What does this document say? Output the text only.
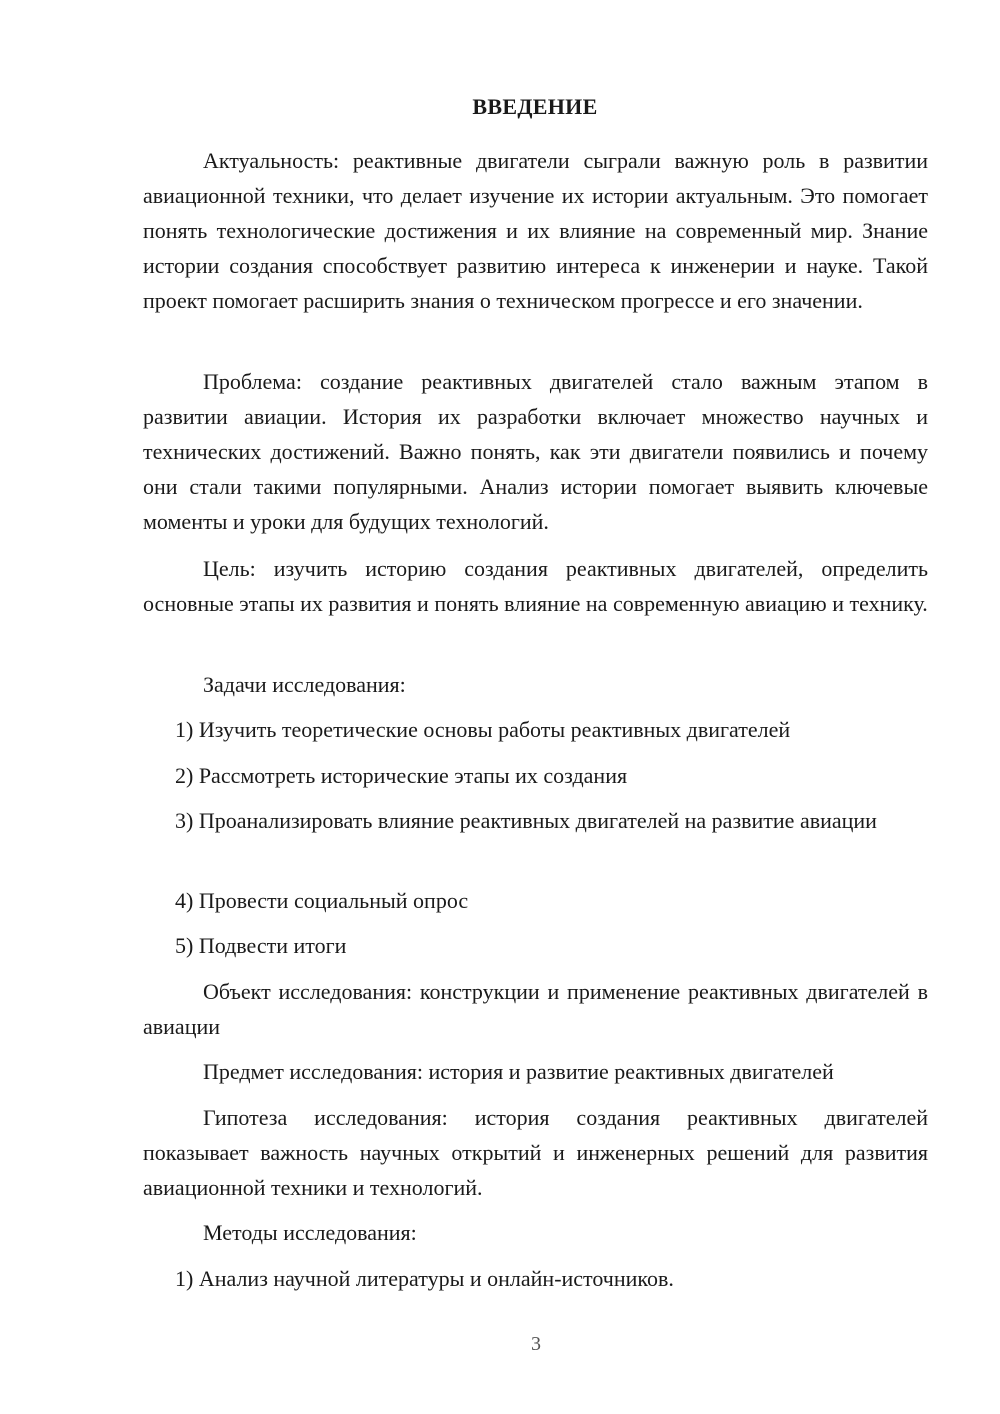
ВВЕДЕНИЕ

Актуальность: реактивные двигатели сыграли важную роль в развитии авиационной техники, что делает изучение их истории актуальным. Это помогает понять технологические достижения и их влияние на современный мир. Знание истории создания способствует развитию интереса к инженерии и науке. Такой проект помогает расширить знания о техническом прогрессе и его значении.

Проблема: создание реактивных двигателей стало важным этапом в развитии авиации. История их разработки включает множество научных и технических достижений. Важно понять, как эти двигатели появились и почему они стали такими популярными. Анализ истории помогает выявить ключевые моменты и уроки для будущих технологий.

Цель: изучить историю создания реактивных двигателей, определить основные этапы их развития и понять влияние на современную авиацию и технику.

Задачи исследования:

1) Изучить теоретические основы работы реактивных двигателей

2) Рассмотреть исторические этапы их создания

3) Проанализировать влияние реактивных двигателей на развитие авиации

4) Провести социальный опрос

5) Подвести итоги

Объект исследования: конструкции и применение реактивных двигателей в авиации

Предмет исследования: история и развитие реактивных двигателей

Гипотеза исследования: история создания реактивных двигателей показывает важность научных открытий и инженерных решений для развития авиационной техники и технологий.

Методы исследования:

1) Анализ научной литературы и онлайн-источников.

3
